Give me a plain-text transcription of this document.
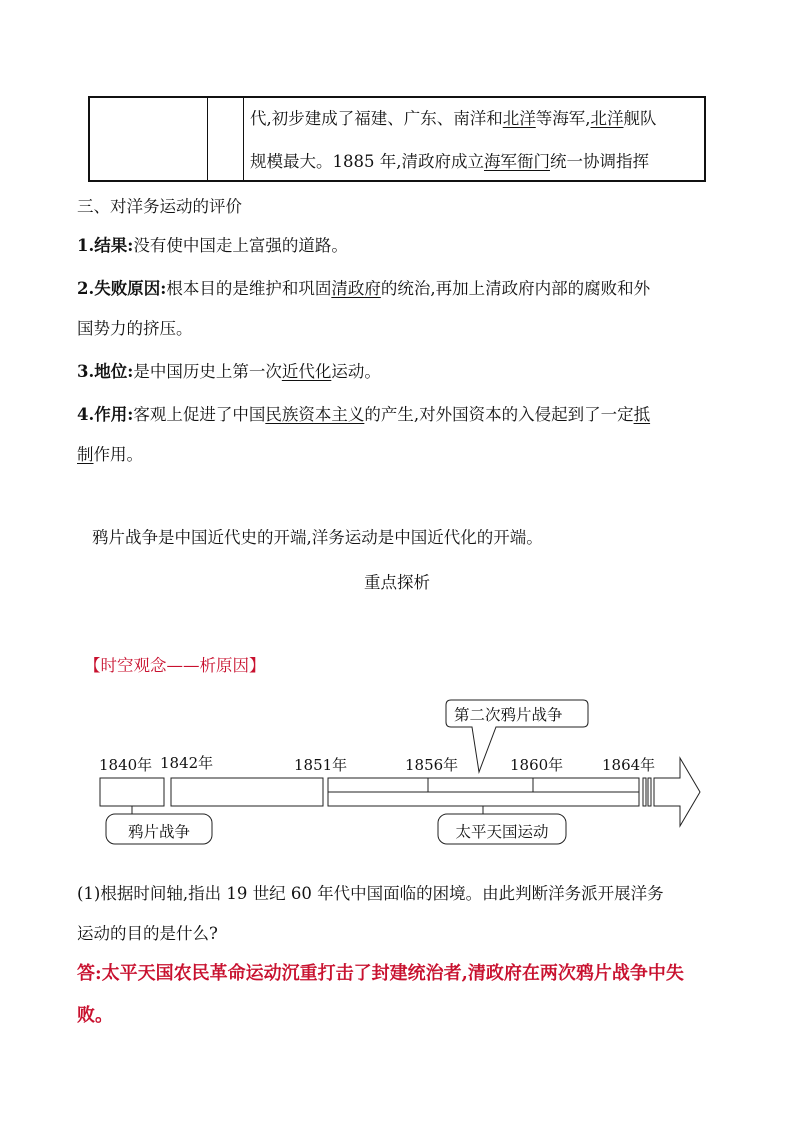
代,初步建成了福建、广东、南洋和北洋等海军,北洋舰队
规模最大。1885 年,清政府成立海军衙门统一协调指挥
三、对洋务运动的评价
1.结果:没有使中国走上富强的道路。
2.失败原因:根本目的是维护和巩固清政府的统治,再加上清政府内部的腐败和外
国势力的挤压。
3.地位:是中国历史上第一次近代化运动。
4.作用:客观上促进了中国民族资本主义的产生,对外国资本的入侵起到了一定抵
制作用。
鸦片战争是中国近代史的开端,洋务运动是中国近代化的开端。
重点探析
【时空观念——析原因】
第二次鸦片战争
1840年 1842年	1851年	1856年	1860年	1864年
鸦片战争	太平天国运动
(1)根据时间轴,指出 19 世纪 60 年代中国面临的困境。由此判断洋务派开展洋务
运动的目的是什么?
答:太平天国农民革命运动沉重打击了封建统治者,清政府在两次鸦片战争中失
败。
